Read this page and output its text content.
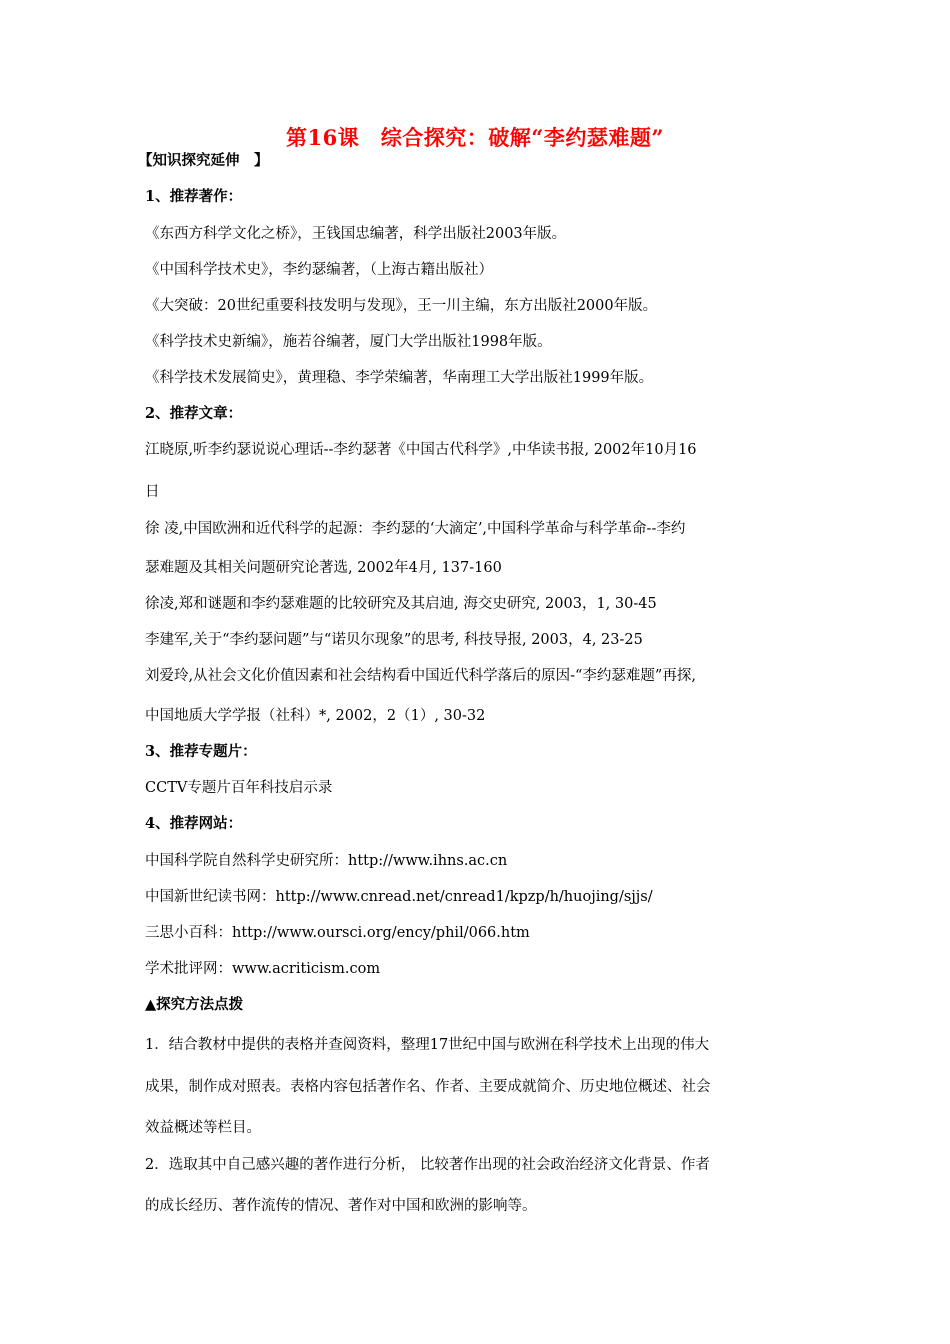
第16课　综合探究：破解“李约瑟难题”
【知识探究延伸　】
1、推荐著作：
《东西方科学文化之桥》，王钱国忠编著，科学出版社2003年版。
《中国科学技术史》，李约瑟编著，（上海古籍出版社）
《大突破：20世纪重要科技发明与发现》，王一川主编，东方出版社2000年版。
《科学技术史新编》，施若谷编著，厦门大学出版社1998年版。
《科学技术发展简史》，黄理稳、李学荣编著，华南理工大学出版社1999年版。
2、推荐文章：
江晓原,听李约瑟说说心理话--李约瑟著《中国古代科学》,中华读书报, 2002年10月16
日
徐 凌,中国欧洲和近代科学的起源：李约瑟的‘大滴定’,中国科学革命与科学革命--李约
瑟难题及其相关问题研究论著选, 2002年4月, 137-160
徐凌,郑和谜题和李约瑟难题的比较研究及其启迪, 海交史研究, 2003，1, 30-45
李建军,关于“李约瑟问题”与“诺贝尔现象”的思考, 科技导报, 2003，4, 23-25
刘爱玲,从社会文化价值因素和社会结构看中国近代科学落后的原因-“李约瑟难题”再探,
中国地质大学学报（社科）*, 2002，2（1）, 30-32
3、推荐专题片：
CCTV专题片百年科技启示录
4、推荐网站：
中国科学院自然科学史研究所：http://www.ihns.ac.cn
中国新世纪读书网：http://www.cnread.net/cnread1/kpzp/h/huojing/sjjs/
三思小百科：http://www.oursci.org/ency/phil/066.htm
学术批评网：www.acriticism.com
▲探究方法点拨
1．结合教材中提供的表格并查阅资料，整理17世纪中国与欧洲在科学技术上出现的伟大
成果，制作成对照表。表格内容包括著作名、作者、主要成就简介、历史地位概述、社会
效益概述等栏目。
2．选取其中自己感兴趣的著作进行分析， 比较著作出现的社会政治经济文化背景、作者
的成长经历、著作流传的情况、著作对中国和欧洲的影响等。
